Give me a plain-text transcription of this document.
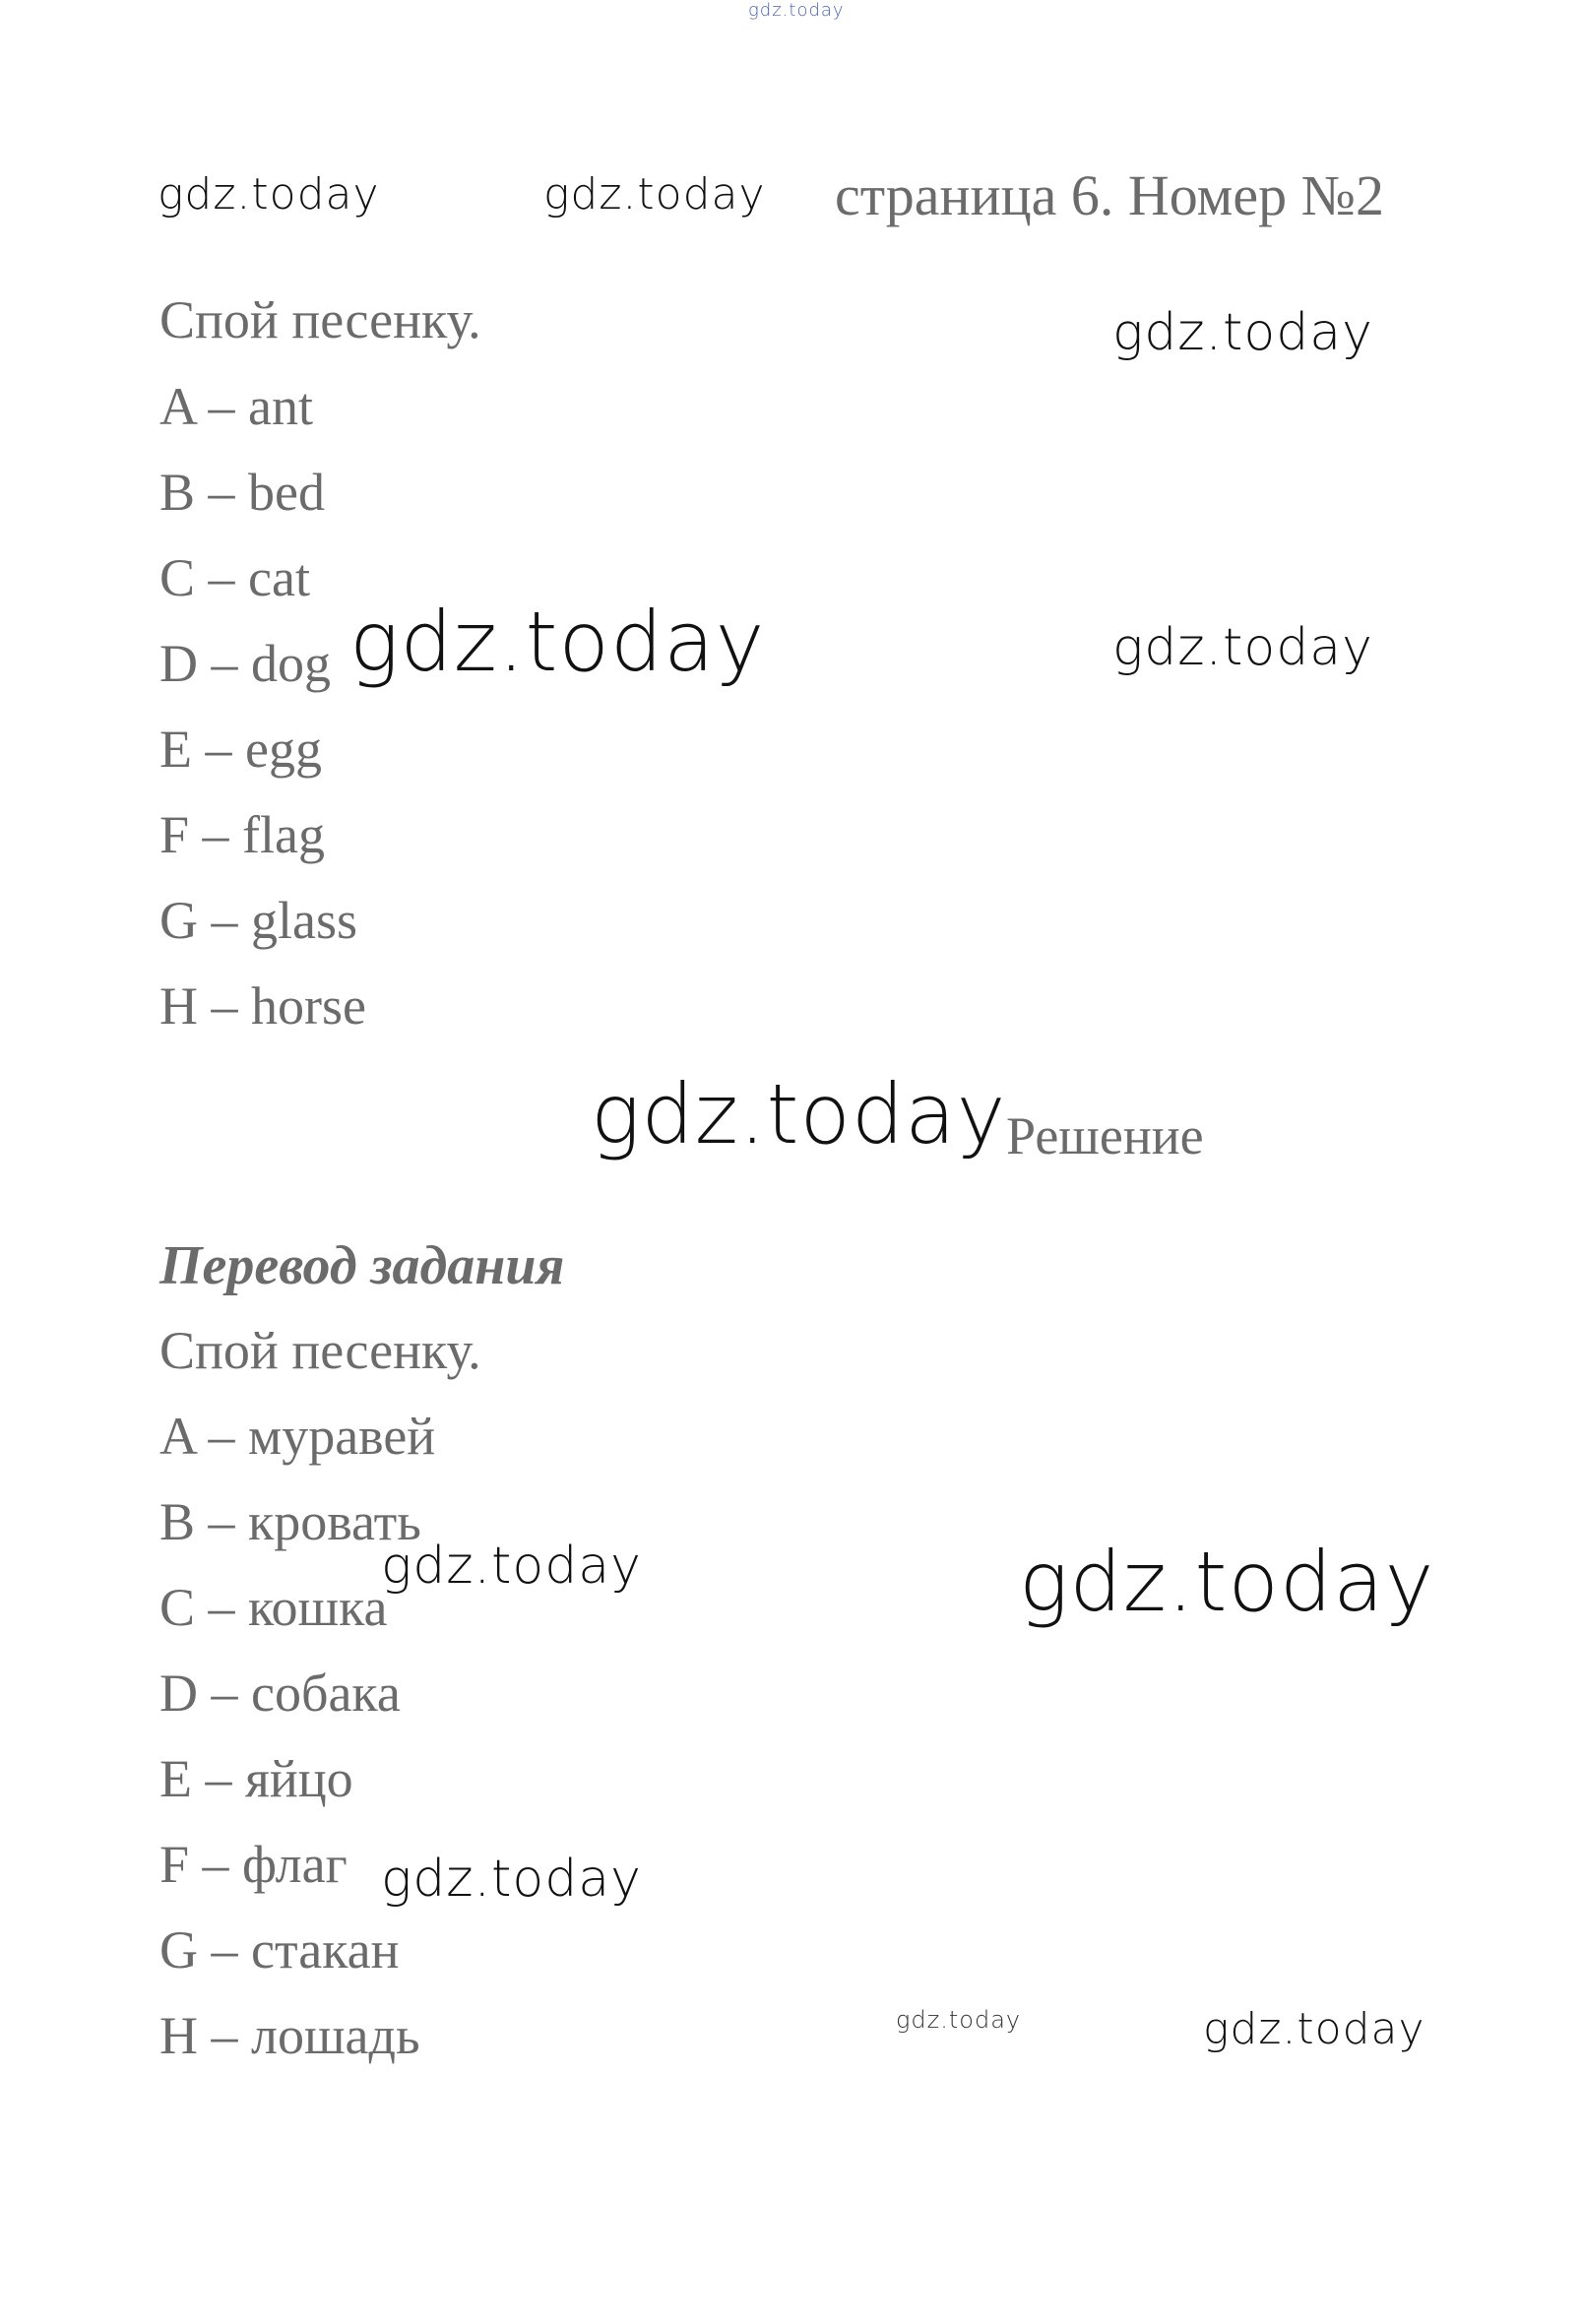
gdz.today
gdz.today	gdz.today
gdz.today
gdz.today	gdz.today
gdz.today
gdz.today	gdz.today
gdz.today
gdz.today	gdz.today
страница 6. Номер №2
Спой песенку.
A – ant
B – bed
C – cat
D – dog
E – egg
F – flag
G – glass
H – horse
Решение
Перевод задания
Спой песенку.
A – муравей
B – кровать
C – кошка
D – собака
E – яйцо
F – флаг
G – стакан
H – лошадь
